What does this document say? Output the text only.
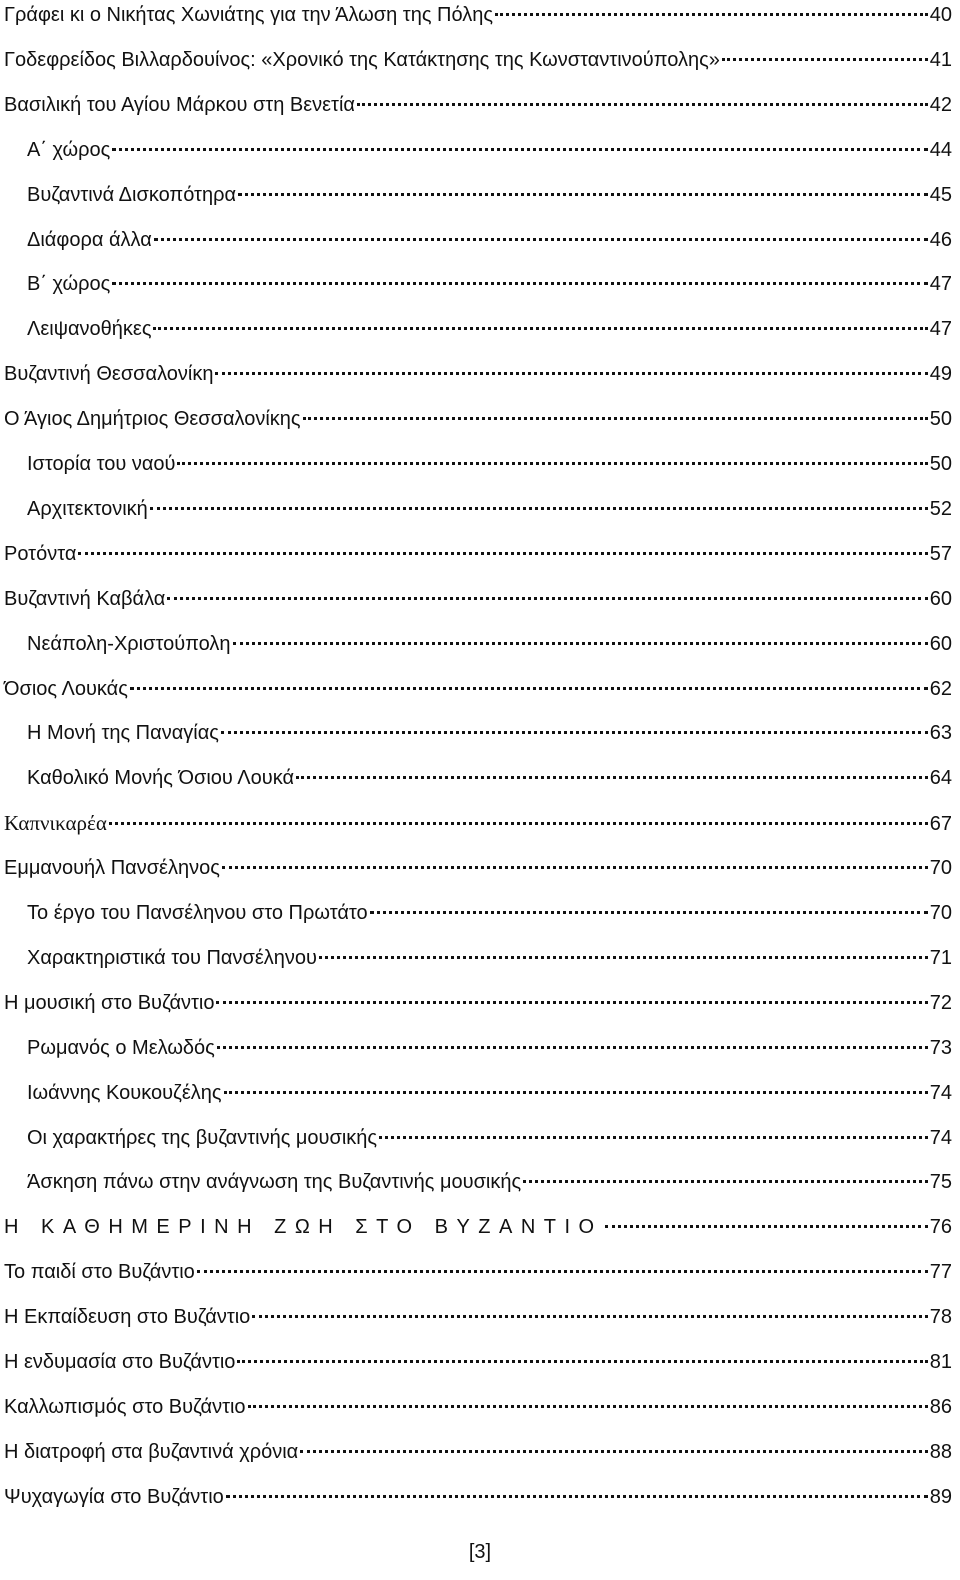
Γράφει κι ο Νικήτας Χωνιάτης για την Άλωση της Πόλης	40
Γοδεφρείδος Βιλλαρδουίνος: «Χρονικό της Κατάκτησης της Κωνσταντινούπολης»	41
Βασιλική του Αγίου Μάρκου στη Βενετία	42
Α΄ χώρος	44
Βυζαντινά Δισκοπότηρα	45
Διάφορα άλλα	46
Β΄ χώρος	47
Λειψανοθήκες	47
Βυζαντινή Θεσσαλονίκη	49
Ο Άγιος Δημήτριος Θεσσαλονίκης	50
Ιστορία του ναού	50
Αρχιτεκτονική	52
Ροτόντα	57
Βυζαντινή Καβάλα	60
Νεάπολη-Χριστούπολη	60
Όσιος Λουκάς	62
Η Μονή της Παναγίας	63
Καθολικό Μονής Όσιου Λουκά	64
Καπνικαρέα	67
Εμμανουήλ Πανσέληνος	70
Το έργο του Πανσέληνου στο Πρωτάτο	70
Χαρακτηριστικά του Πανσέληνου	71
Η μουσική στο Βυζάντιο	72
Ρωμανός ο Μελωδός	73
Ιωάννης Κουκουζέλης	74
Οι χαρακτήρες της βυζαντινής μουσικής	74
Άσκηση πάνω στην ανάγνωση της Βυζαντινής μουσικής	75
Η ΚΑΘΗΜΕΡΙΝΗ ΖΩΗ ΣΤΟ ΒΥΖΑΝΤΙΟ	76
Το παιδί στο Βυζάντιο	77
Η Εκπαίδευση στο Βυζάντιο	78
Η ενδυμασία στο Βυζάντιο	81
Καλλωπισμός στο Βυζάντιο	86
Η διατροφή στα βυζαντινά χρόνια	88
Ψυχαγωγία στο Βυζάντιο	89
[3]
